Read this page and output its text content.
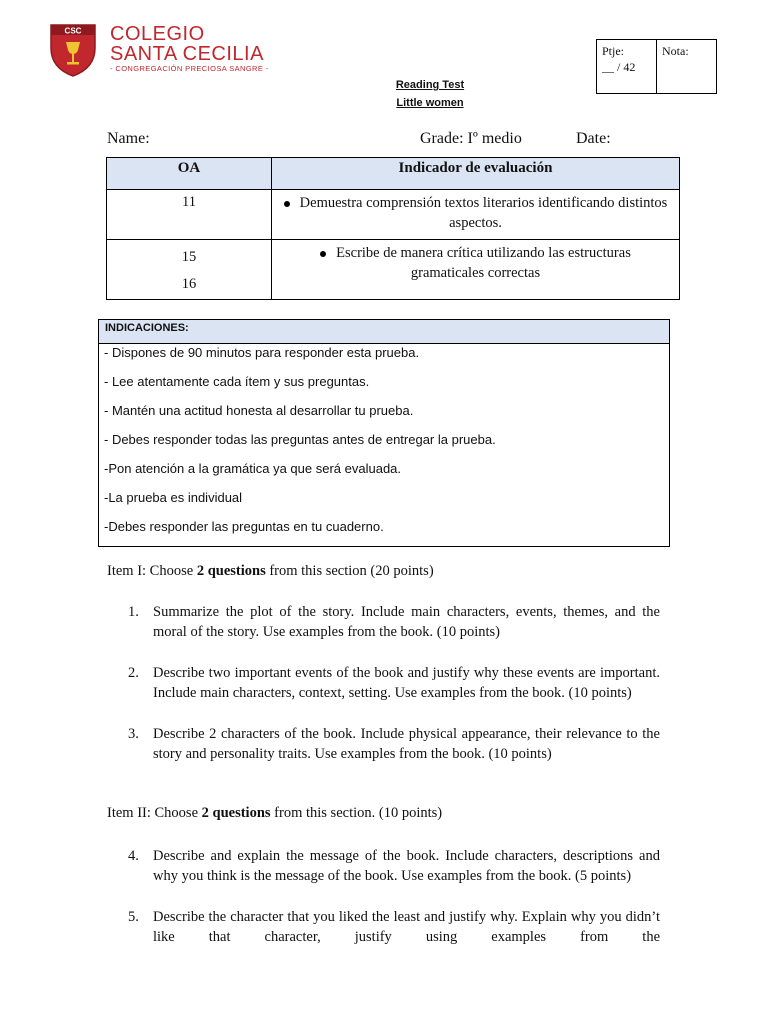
CSC COLEGIO
SANTA CECILIA
- CONGREGACIÓN PRECIOSA SANGRE -
Ptje:
__ / 42
Nota:
Reading Test
Little women
Name:	Grade: Iº medio	Date:
OA	Indicador de evaluación

11	Demuestra comprensión textos literarios identificando distintos aspectos.

15
16	Escribe de manera crítica utilizando las estructuras gramaticales correctas
INDICACIONES:
- Dispones de 90 minutos para responder esta prueba.
- Lee atentamente cada ítem y sus preguntas.
- Mantén una actitud honesta al desarrollar tu prueba.
- Debes responder todas las preguntas antes de entregar la prueba.
-Pon atención a la gramática ya que será evaluada.
-La prueba es individual
-Debes responder las preguntas en tu cuaderno.
Item I: Choose 2 questions from this section (20 points)
1. Summarize the plot of the story. Include main characters, events, themes, and the moral of the story. Use examples from the book. (10 points)
2. Describe two important events of the book and justify why these events are important. Include main characters, context, setting. Use examples from the book. (10 points)
3. Describe 2 characters of the book. Include physical appearance, their relevance to the story and personality traits. Use examples from the book. (10 points)
Item II: Choose 2 questions from this section. (10 points)
4. Describe and explain the message of the book. Include characters, descriptions and why you think is the message of the book. Use examples from the book. (5 points)
5. Describe the character that you liked the least and justify why. Explain why you didn’t like that character, justify using examples from the
